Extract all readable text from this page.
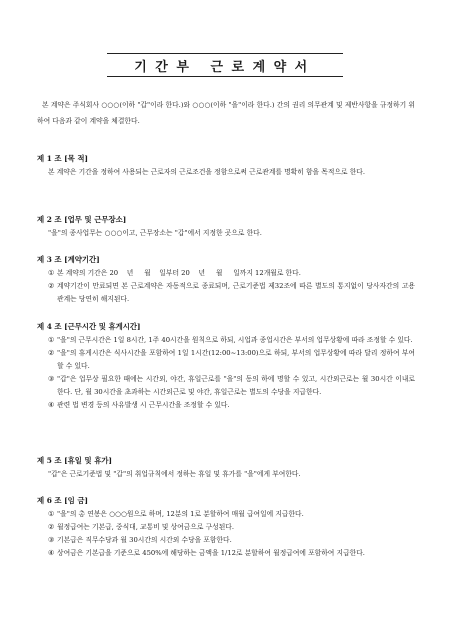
기간부 근로계약서

본 계약은 주식회사 ○○○(이하 "갑"이라 한다.)와 ○○○(이하 "을"이라 한다.) 간의 권리 의무관계 및 제반사항을 규정하기 위하여 다음과 같이 계약을 체결한다.

제 1 조 [목 적]
본 계약은 기간을 정하여 사용되는 근로자의 근로조건을 정함으로써 근로관계를 명확히 함을 목적으로 한다.
제 2 조 [업무 및 근무장소]
"을"의 종사업무는 ○○○이고, 근무장소는 "갑"에서 지정한 곳으로 한다.
제 3 조 [계약기간]
① 본 계약의 기간은 20    년     월    일부터 20    년     월     일까지 12개월로 한다.
② 계약기간이 만료되면 본 근로계약은 자동적으로 종료되며, 근로기준법 제32조에 따른 별도의 통지없이 당사자간의 고용관계는 당연히 해지된다.
제 4 조 [근무시간 및 휴게시간]
① "을"의 근무시간은 1일 8시간, 1주 40시간을 원칙으로 하되, 시업과 종업시간은 부서의 업무상황에 따라 조정할 수 있다.
② "을"의 휴게시간은 식사시간을 포함하여 1일 1시간(12:00~13:00)으로 하되, 부서의 업무상황에 따라 달리 정하여 부여할 수 있다.
③ "갑"은 업무상 필요한 때에는 시간외, 야간, 휴일근로를 "을"의 동의 하에 명할 수 있고, 시간외근로는 월 30시간 이내로 한다. 단, 월 30시간을 초과하는 시간외근로 및 야간, 휴일근로는 별도의 수당을 지급한다.
④ 관련 법 변경 등의 사유발생 시 근무시간을 조정할 수 있다.
제 5 조 [휴일 및 휴가]
"갑"은 근로기준법 및 "갑"의 취업규칙에서 정하는 휴일 및 휴가를 "을"에게 부여한다.
제 6 조 [임 금]
① "을"의 총 연봉은 ○○○원으로 하며, 12분의 1로 분할하여 매월 급여일에 지급한다.
② 월정급여는 기본급, 중식대, 교통비 및 상여금으로 구성된다.
③ 기본급은 직무수당과 월 30시간의 시간외 수당을 포함한다.
④ 상여금은 기본급을 기준으로 450%에 해당하는 금액을 1/12로 분할하여 월정급여에 포함하여 지급한다.
